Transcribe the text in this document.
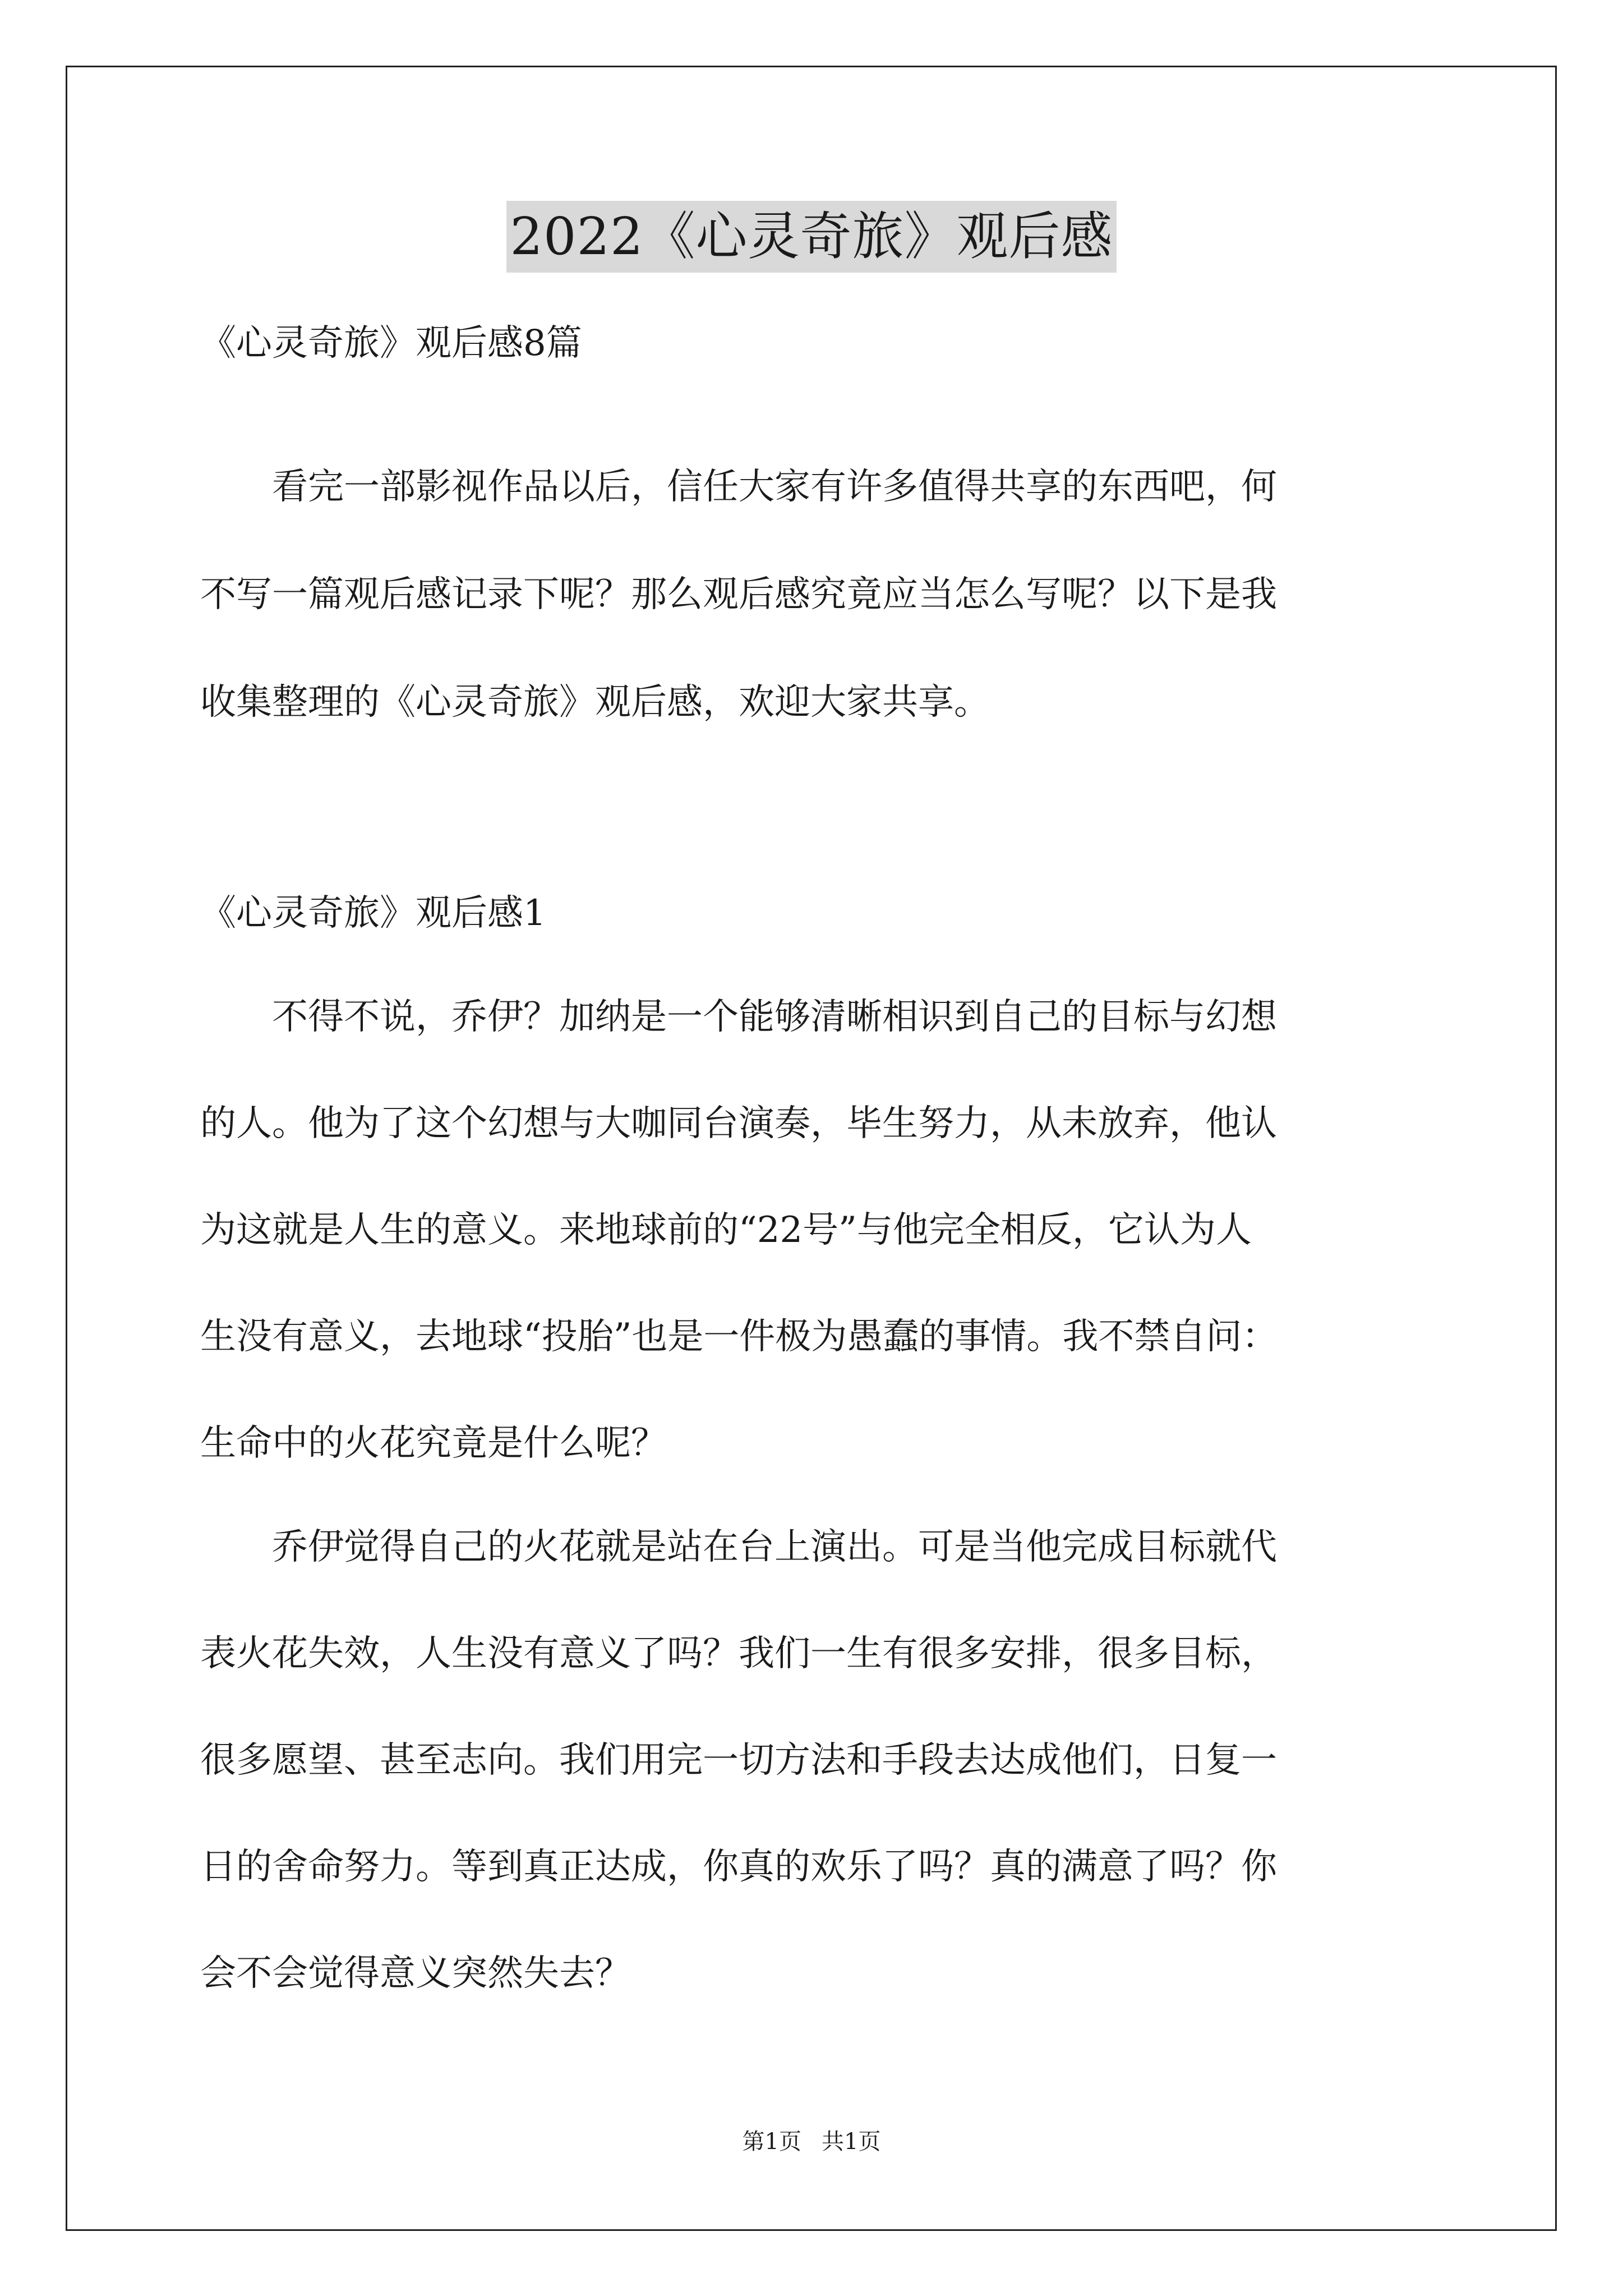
2022《心灵奇旅》观后感
《心灵奇旅》观后感8篇
　　看完一部影视作品以后，信任大家有许多值得共享的东西吧，何
不写一篇观后感记录下呢？那么观后感究竟应当怎么写呢？以下是我
收集整理的《心灵奇旅》观后感，欢迎大家共享。
《心灵奇旅》观后感1
　　不得不说，乔伊？加纳是一个能够清晰相识到自己的目标与幻想
的人。他为了这个幻想与大咖同台演奏，毕生努力，从未放弃，他认
为这就是人生的意义。来地球前的“22号”与他完全相反，它认为人
生没有意义，去地球“投胎”也是一件极为愚蠢的事情。我不禁自问：
生命中的火花究竟是什么呢？
　　乔伊觉得自己的火花就是站在台上演出。可是当他完成目标就代
表火花失效，人生没有意义了吗？我们一生有很多安排，很多目标，
很多愿望、甚至志向。我们用完一切方法和手段去达成他们，日复一
日的舍命努力。等到真正达成，你真的欢乐了吗？真的满意了吗？你
会不会觉得意义突然失去？
第1页 共1页
